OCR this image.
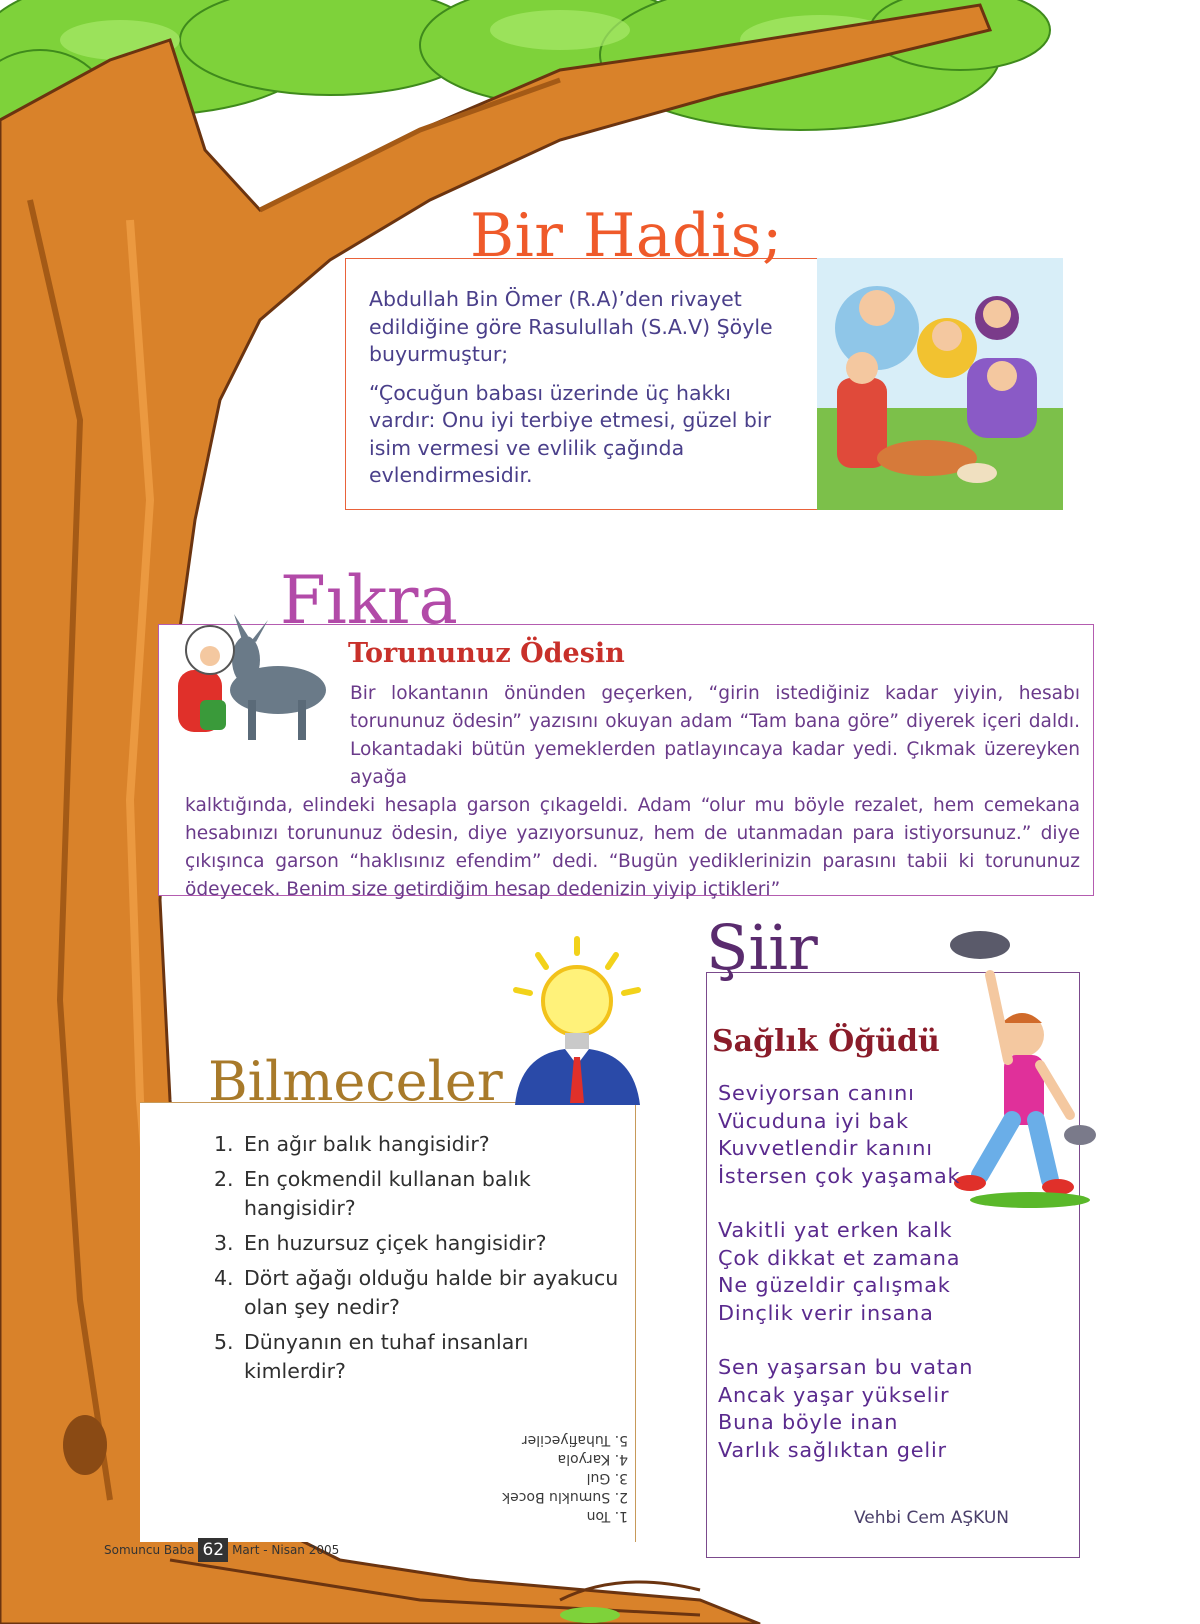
Bir Hadis;

Abdullah Bin Ömer (R.A)’den rivayet edildiğine göre Rasulullah (S.A.V) Şöyle buyurmuştur;

“Çocuğun babası üzerinde üç hakkı vardır: Onu iyi terbiye etmesi, güzel bir isim vermesi ve evlilik çağında evlendirmesidir.

Fıkra
Torununuz Ödesin
Bir lokantanın önünden geçerken, “girin istediğiniz kadar yiyin, hesabı torununuz ödesin” yazısını okuyan adam “Tam bana göre” diyerek içeri daldı. Lokantadaki bütün yemeklerden patlayıncaya kadar yedi. Çıkmak üzereyken ayağa
kalktığında, elindeki hesapla garson çıkageldi. Adam “olur mu böyle rezalet, hem cemekana hesabınızı torununuz ödesin, diye yazıyorsunuz, hem de utanmadan para istiyorsunuz.” diye çıkışınca garson “haklısınız efendim” dedi. “Bugün yediklerinizin parasını tabii ki torununuz ödeyecek. Benim size getirdiğim hesap dedenizin yiyip içtikleri”
Bilmeceler
1. En ağır balık hangisidir?
2. En çokmendil kullanan balık hangisidir?
3. En huzursuz çiçek hangisidir?
4. Dört ağağı olduğu halde bir ayakucu olan şey nedir?
5. Dünyanın en tuhaf insanları kimlerdir?
1. Ton
2. Sumuklu Bocek
3. Gul
4. Karyola
5. Tuhafiyeciler
Şiir
Sağlık Öğüdü
Seviyorsan canını
Vücuduna iyi bak
Kuvvetlendir kanını
İstersen çok yaşamak
Vakitli yat erken kalk
Çok dikkat et zamana
Ne güzeldir çalışmak
Dinçlik verir insana
Sen yaşarsan bu vatan
Ancak yaşar yükselir
Buna böyle inan
Varlık sağlıktan gelir
Vehbi Cem AŞKUN
Somuncu Baba 62 Mart - Nisan 2005
